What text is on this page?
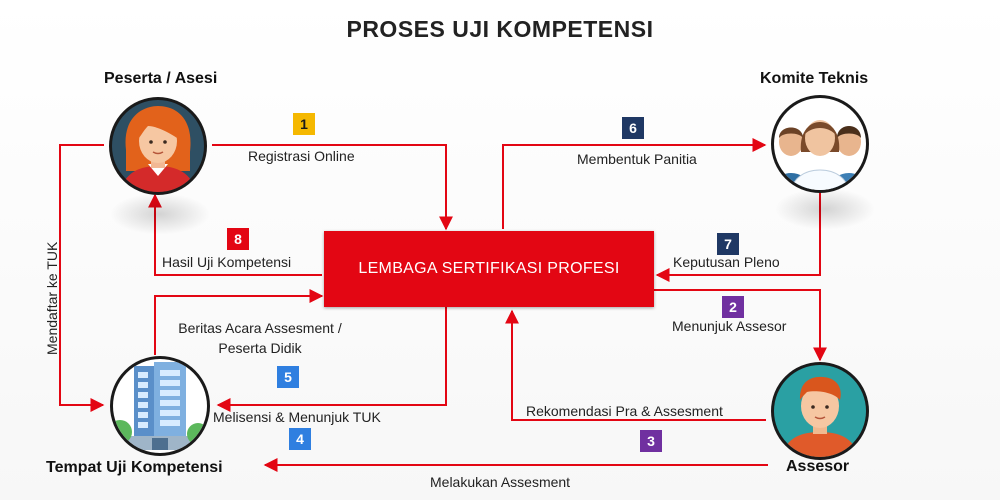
PROSES UJI KOMPETENSI
Peserta / Asesi	Komite Teknis
Tempat Uji Kompetensi	Assesor
LEMBAGA SERTIFIKASI PROFESI
1
2
3
4
5
6
7
8
Registrasi Online
Menunjuk Assesor
Rekomendasi Pra & Assesment
Melisensi & Menunjuk TUK
Beritas Acara Assesment /
Peserta Didik
Membentuk Panitia
Keputusan Pleno
Hasil Uji Kompetensi
Mendaftar ke TUK
Melakukan Assesment
